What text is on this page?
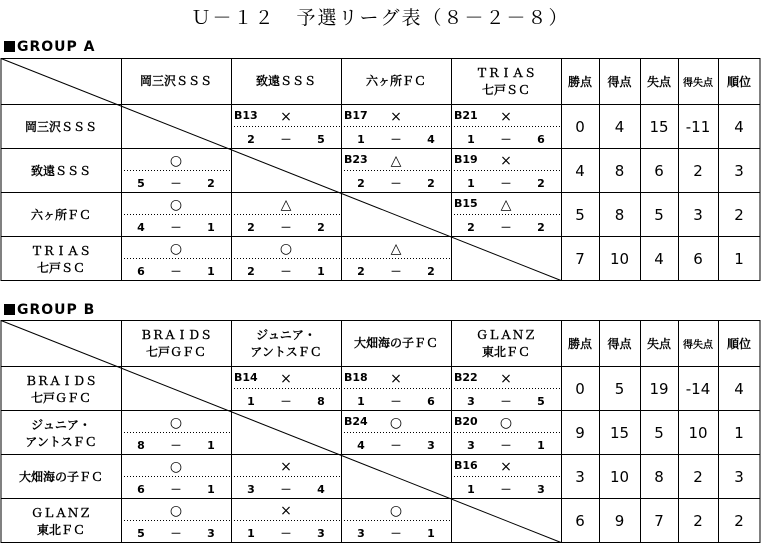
Ｕ－１２　予選リーグ表（８－２－８）
GROUP A
岡三沢ＳＳＳ	致遠ＳＳＳ	六ヶ所ＦＣ
ＴＲＩＡＳ
七戸ＳＣ
勝点 得点 失点 得失点 順位
岡三沢ＳＳＳ
B13 ×
2 － 5
B17 ×
1 － 4
B21 ×
1 － 6
0 4 15 -11 4
致遠ＳＳＳ
○
5 － 2
B23 △
2 － 2
B19 ×
1 － 2
4 8 6 2 3
六ヶ所ＦＣ
○
4 － 1
△
2 － 2
B15 △
2 － 2
5 8 5 3 2
ＴＲＩＡＳ
七戸ＳＣ
○
6 － 1
○
2 － 1
△
2 － 2
7 10 4 6 1
GROUP B
ＢＲＡＩＤＳ
七戸ＧＦＣ
ジュニア・
アントスＦＣ
大畑海の子ＦＣ
ＧＬＡＮＺ
東北ＦＣ
勝点 得点 失点 得失点 順位
ＢＲＡＩＤＳ
七戸ＧＦＣ
B14 ×
1 － 8
B18 ×
1 － 6
B22 ×
3 － 5
0 5 19 -14 4
ジュニア・
アントスＦＣ
○
8 － 1
B24 ○
4 － 3
B20 ○
3 － 1
9 15 5 10 1
大畑海の子ＦＣ
○
6 － 1
×
3 － 4
B16 ×
1 － 3
3 10 8 2 3
ＧＬＡＮＺ
東北ＦＣ
○
5 － 3
×
1 － 3
○
3 － 1
6 9 7 2 2
